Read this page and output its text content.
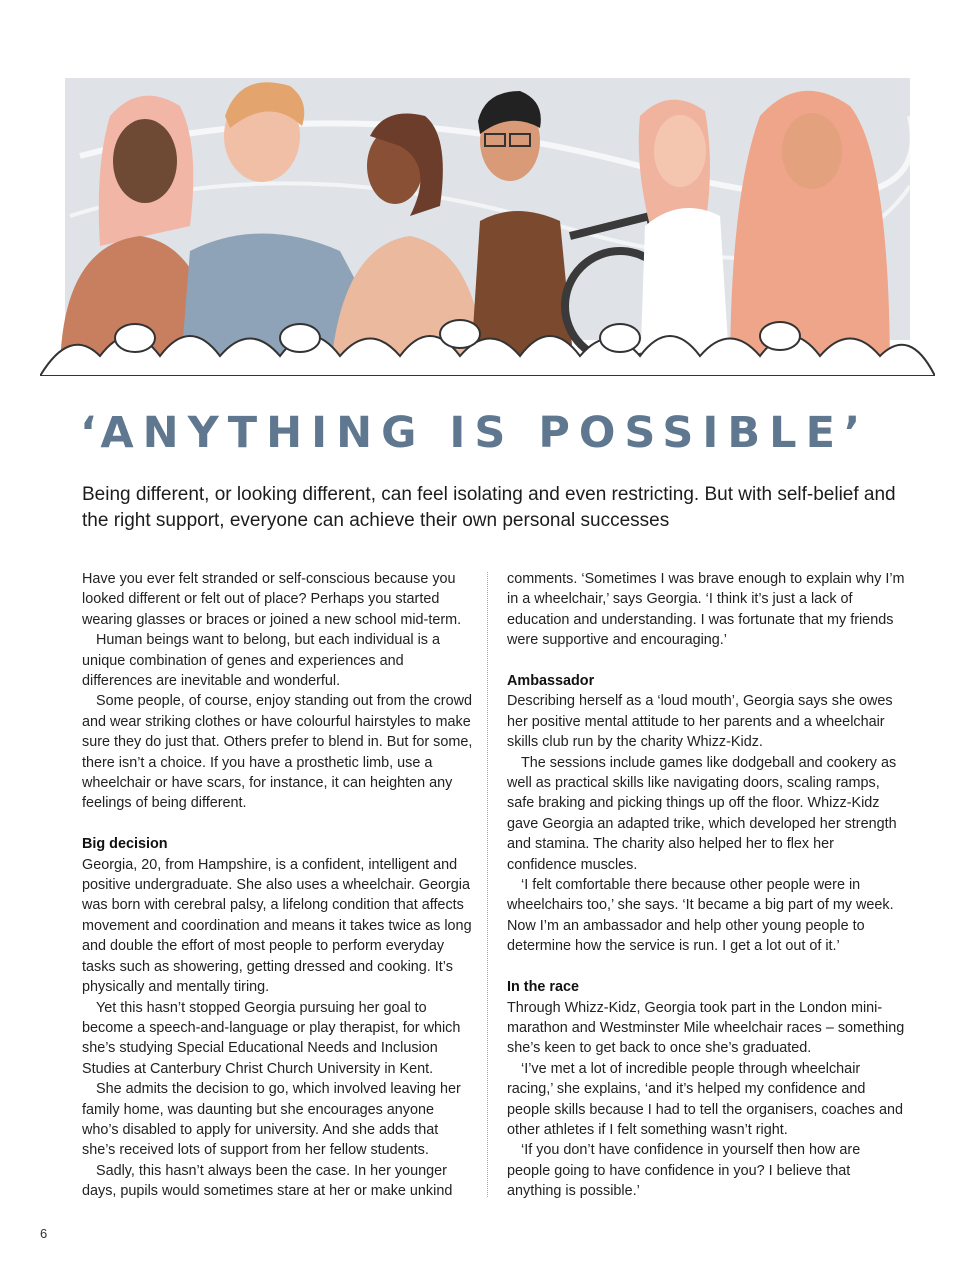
‘ANYTHING IS POSSIBLE’

Being different, or looking different, can feel isolating and even restricting. But with self-belief and the right support, everyone can achieve their own personal successes

Have you ever felt stranded or self-conscious because you looked different or felt out of place? Perhaps you started wearing glasses or braces or joined a new school mid-term.

Human beings want to belong, but each individual is a unique combination of genes and experiences and differences are inevitable and wonderful.

Some people, of course, enjoy standing out from the crowd and wear striking clothes or have colourful hairstyles to make sure they do just that. Others prefer to blend in. But for some, there isn’t a choice. If you have a prosthetic limb, use a wheelchair or have scars, for instance, it can heighten any feelings of being different.

Big decision

Georgia, 20, from Hampshire, is a confident, intelligent and positive undergraduate. She also uses a wheelchair. Georgia was born with cerebral palsy, a lifelong condition that affects movement and coordination and means it takes twice as long and double the effort of most people to perform everyday tasks such as showering, getting dressed and cooking. It’s physically and mentally tiring.

Yet this hasn’t stopped Georgia pursuing her goal to become a speech-and-language or play therapist, for which she’s studying Special Educational Needs and Inclusion Studies at Canterbury Christ Church University in Kent.

She admits the decision to go, which involved leaving her family home, was daunting but she encourages anyone who’s disabled to apply for university. And she adds that she’s received lots of support from her fellow students.

Sadly, this hasn’t always been the case. In her younger days, pupils would sometimes stare at her or make unkind

comments. ‘Sometimes I was brave enough to explain why I’m in a wheelchair,’ says Georgia. ‘I think it’s just a lack of education and understanding. I was fortunate that my friends were supportive and encouraging.’

Ambassador

Describing herself as a ‘loud mouth’, Georgia says she owes her positive mental attitude to her parents and a wheelchair skills club run by the charity Whizz-Kidz.

The sessions include games like dodgeball and cookery as well as practical skills like navigating doors, scaling ramps, safe braking and picking things up off the floor. Whizz-Kidz gave Georgia an adapted trike, which developed her strength and stamina. The charity also helped her to flex her confidence muscles.

‘I felt comfortable there because other people were in wheelchairs too,’ she says. ‘It became a big part of my week. Now I’m an ambassador and help other young people to determine how the service is run. I get a lot out of it.’

In the race

Through Whizz-Kidz, Georgia took part in the London mini-marathon and Westminster Mile wheelchair races – something she’s keen to get back to once she’s graduated.

‘I’ve met a lot of incredible people through wheelchair racing,’ she explains, ‘and it’s helped my confidence and people skills because I had to tell the organisers, coaches and other athletes if I felt something wasn’t right.

‘If you don’t have confidence in yourself then how are people going to have confidence in you? I believe that anything is possible.’

6
